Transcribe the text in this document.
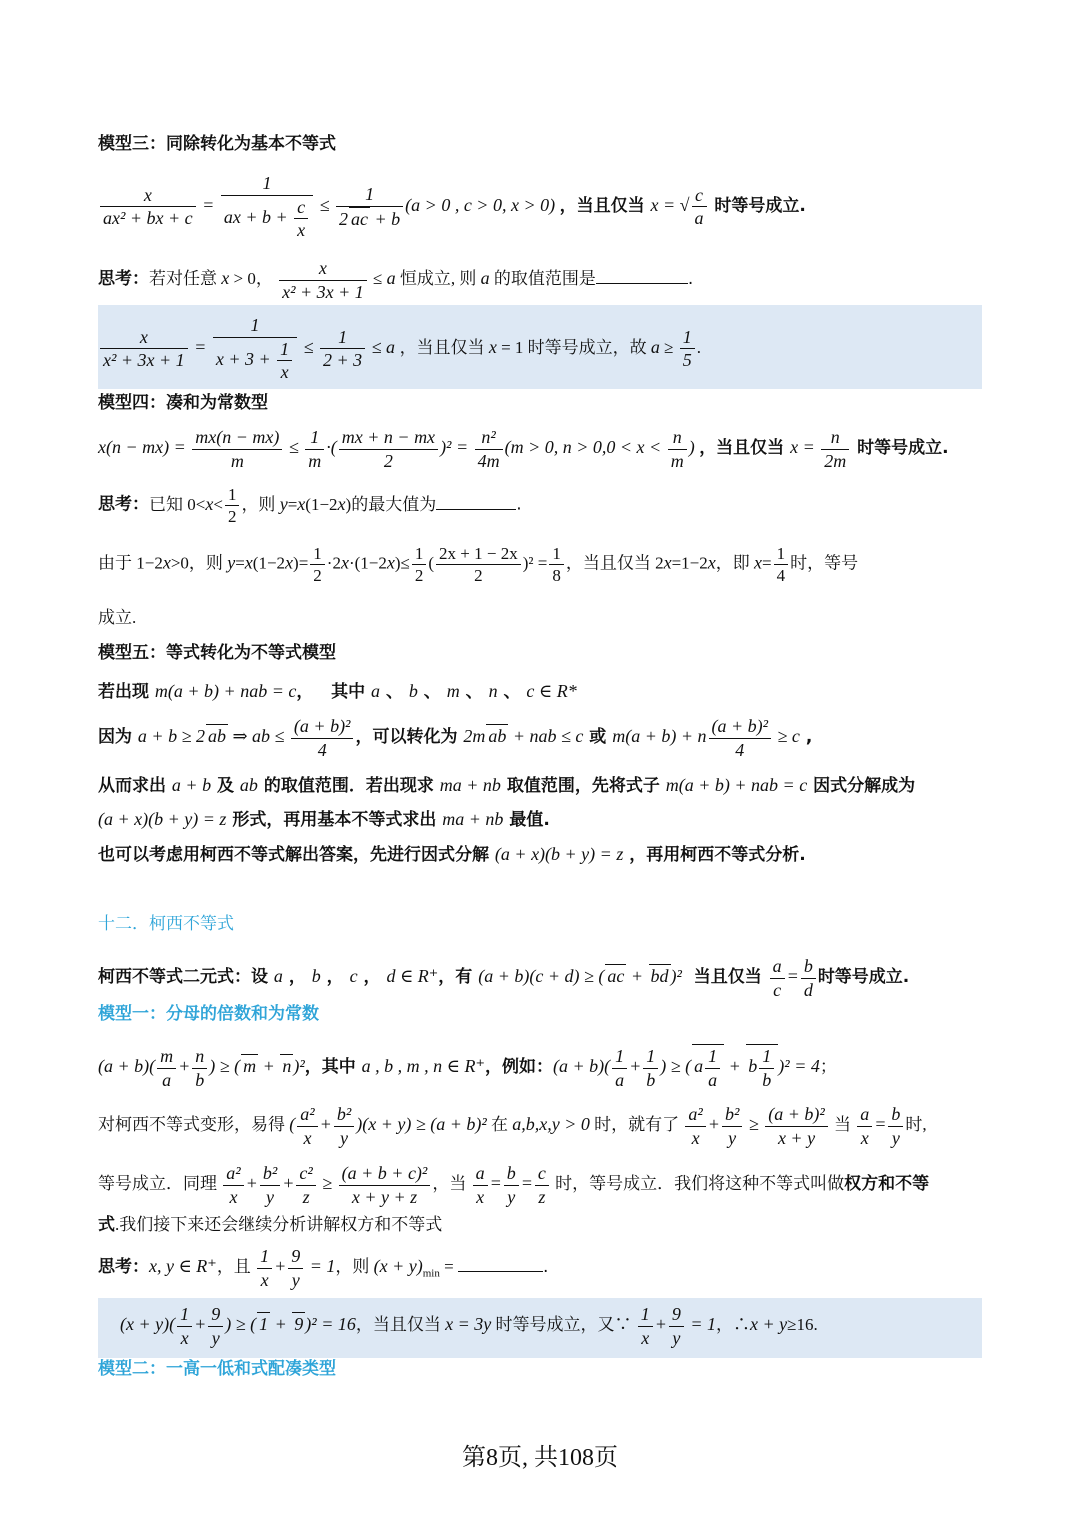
模型三：同除转化为基本不等式
$\frac{x}{\text{ax² + bx + c}} = \frac{1}{ax + b + \frac{c}{x}} \le \frac{1}{2 ac + b} (a > 0$ , c > 0, x > 0) ，当且仅当 x = √ $\frac{c}{a}$ 时等号成立.
思考：若对任意 x > 0， $\frac{x}{\text{x² + 3x + 1}} \le a$ 恒成立, 则 a 的取值范围是	.
$\frac{x}{\text{x² + 3x + 1}} = \frac{1}{x + 3 + \frac{1}{x}} \le \frac{1}{2 + 3} \le a$ ，当且仅当 x = 1 时等号成立，故 $a \ge \frac{1}{5}$ .
模型四：凑和为常数型
$x(n - mx) = \frac{mx(n - mx)}{m} \le \frac{1}{m}$ ·( $\frac{mx + n - mx}{2} )^2 = \frac{\text{n²}}{4m} (m > 0$, $n > 0,0 < x < \frac{n}{m}$ ) ，当且仅当 $x = \frac{n}{2m}$ 时等号成立.
思考：已知 $0<x< \frac{1}{2}$ ，则 y=x(1−2x)的最大值为	.
由于 1−2x>0，则 $y=x(1-2x)= \frac{1}{2} \cdot 2x\cdot(1-2x)\le \frac{1}{2}$ ( $\frac{2x + 1 - 2x}{2} )^2 = \frac{1}{8}$ ，当且仅当 2x=1−2x，即 $x= \frac{1}{4}$ 时，等号
成立.
模型五：等式转化为不等式模型
若出现 m(a + b) + nab = c，   其中 a 、 b 、 m 、 n 、 c ∈ R*
因为 a + b ≥ 2 ab ⇒ ab ≤ $\frac{\text{(a + b)²}}{4}$ ，可以转化为 2m ab + nab ≤ c 或 m(a + b) + n $\frac{\text{(a + b)²}}{4} \ge c$ ,
从而求出 a + b 及 ab 的取值范围．若出现求 ma + nb 取值范围，先将式子 m(a + b) + nab = c 因式分解成为
(a + x)(b + y) = z 形式，再用基本不等式求出 ma + nb 最值.
也可以考虑用柯西不等式解出答案，先进行因式分解 (a + x)(b + y) = z ，再用柯西不等式分析.
十二．柯西不等式
柯西不等式二元式：设 a ， b ， c ， d ∈ R⁺，有 (a + b)(c + d) ≥ ( ac + bd )²  当且仅当 $\frac{a}{c} = \frac{b}{d}$ 时等号成立.
模型一：分母的倍数和为常数
$(a + b)( \frac{m}{a} + \frac{n}{b}$ ) ≥ ( m + n )²，其中 a , b , m , n ∈ R⁺，例如：$(a + b)( \frac{1}{a} + \frac{1}{b}$ ) ≥ ( a $\frac{1}{a} + b \frac{1}{b} )^2 = 4$；
对柯西不等式变形，易得 ( $\frac{\text{a²}}{x} + \frac{\text{b²}}{y} )(x + y) \ge (a + b)^2$ 在 a,b,x,y > 0 时，就有了 $\frac{\text{a²}}{x} + \frac{\text{b²}}{y} \ge \frac{\text{(a + b)²}}{x + y}$ 当 $\frac{a}{x} = \frac{b}{y}$ 时,
等号成立．同理 $\frac{\text{a²}}{x} + \frac{\text{b²}}{y} + \frac{\text{c²}}{z} \ge \frac{\text{(a + b + c)²}}{x + y + z}$ ，当 $\frac{a}{x} = \frac{b}{y} = \frac{c}{z}$ 时，等号成立．我们将这种不等式叫做权方和不等
式.我们接下来还会继续分析讲解权方和不等式
思考：x, y ∈ R⁺，且 $\frac{1}{x} + \frac{9}{y} = 1$，则 $(x + y)_{min}$ =	.
$(x + y)( \frac{1}{x} + \frac{9}{y}$ ) ≥ ( 1 + 9 )² = 16，当且仅当 x = 3y 时等号成立，又∵ $\frac{1}{x} + \frac{9}{y} = 1$，∴x + y≥16.
模型二：一高一低和式配凑类型
第8页, 共108页
